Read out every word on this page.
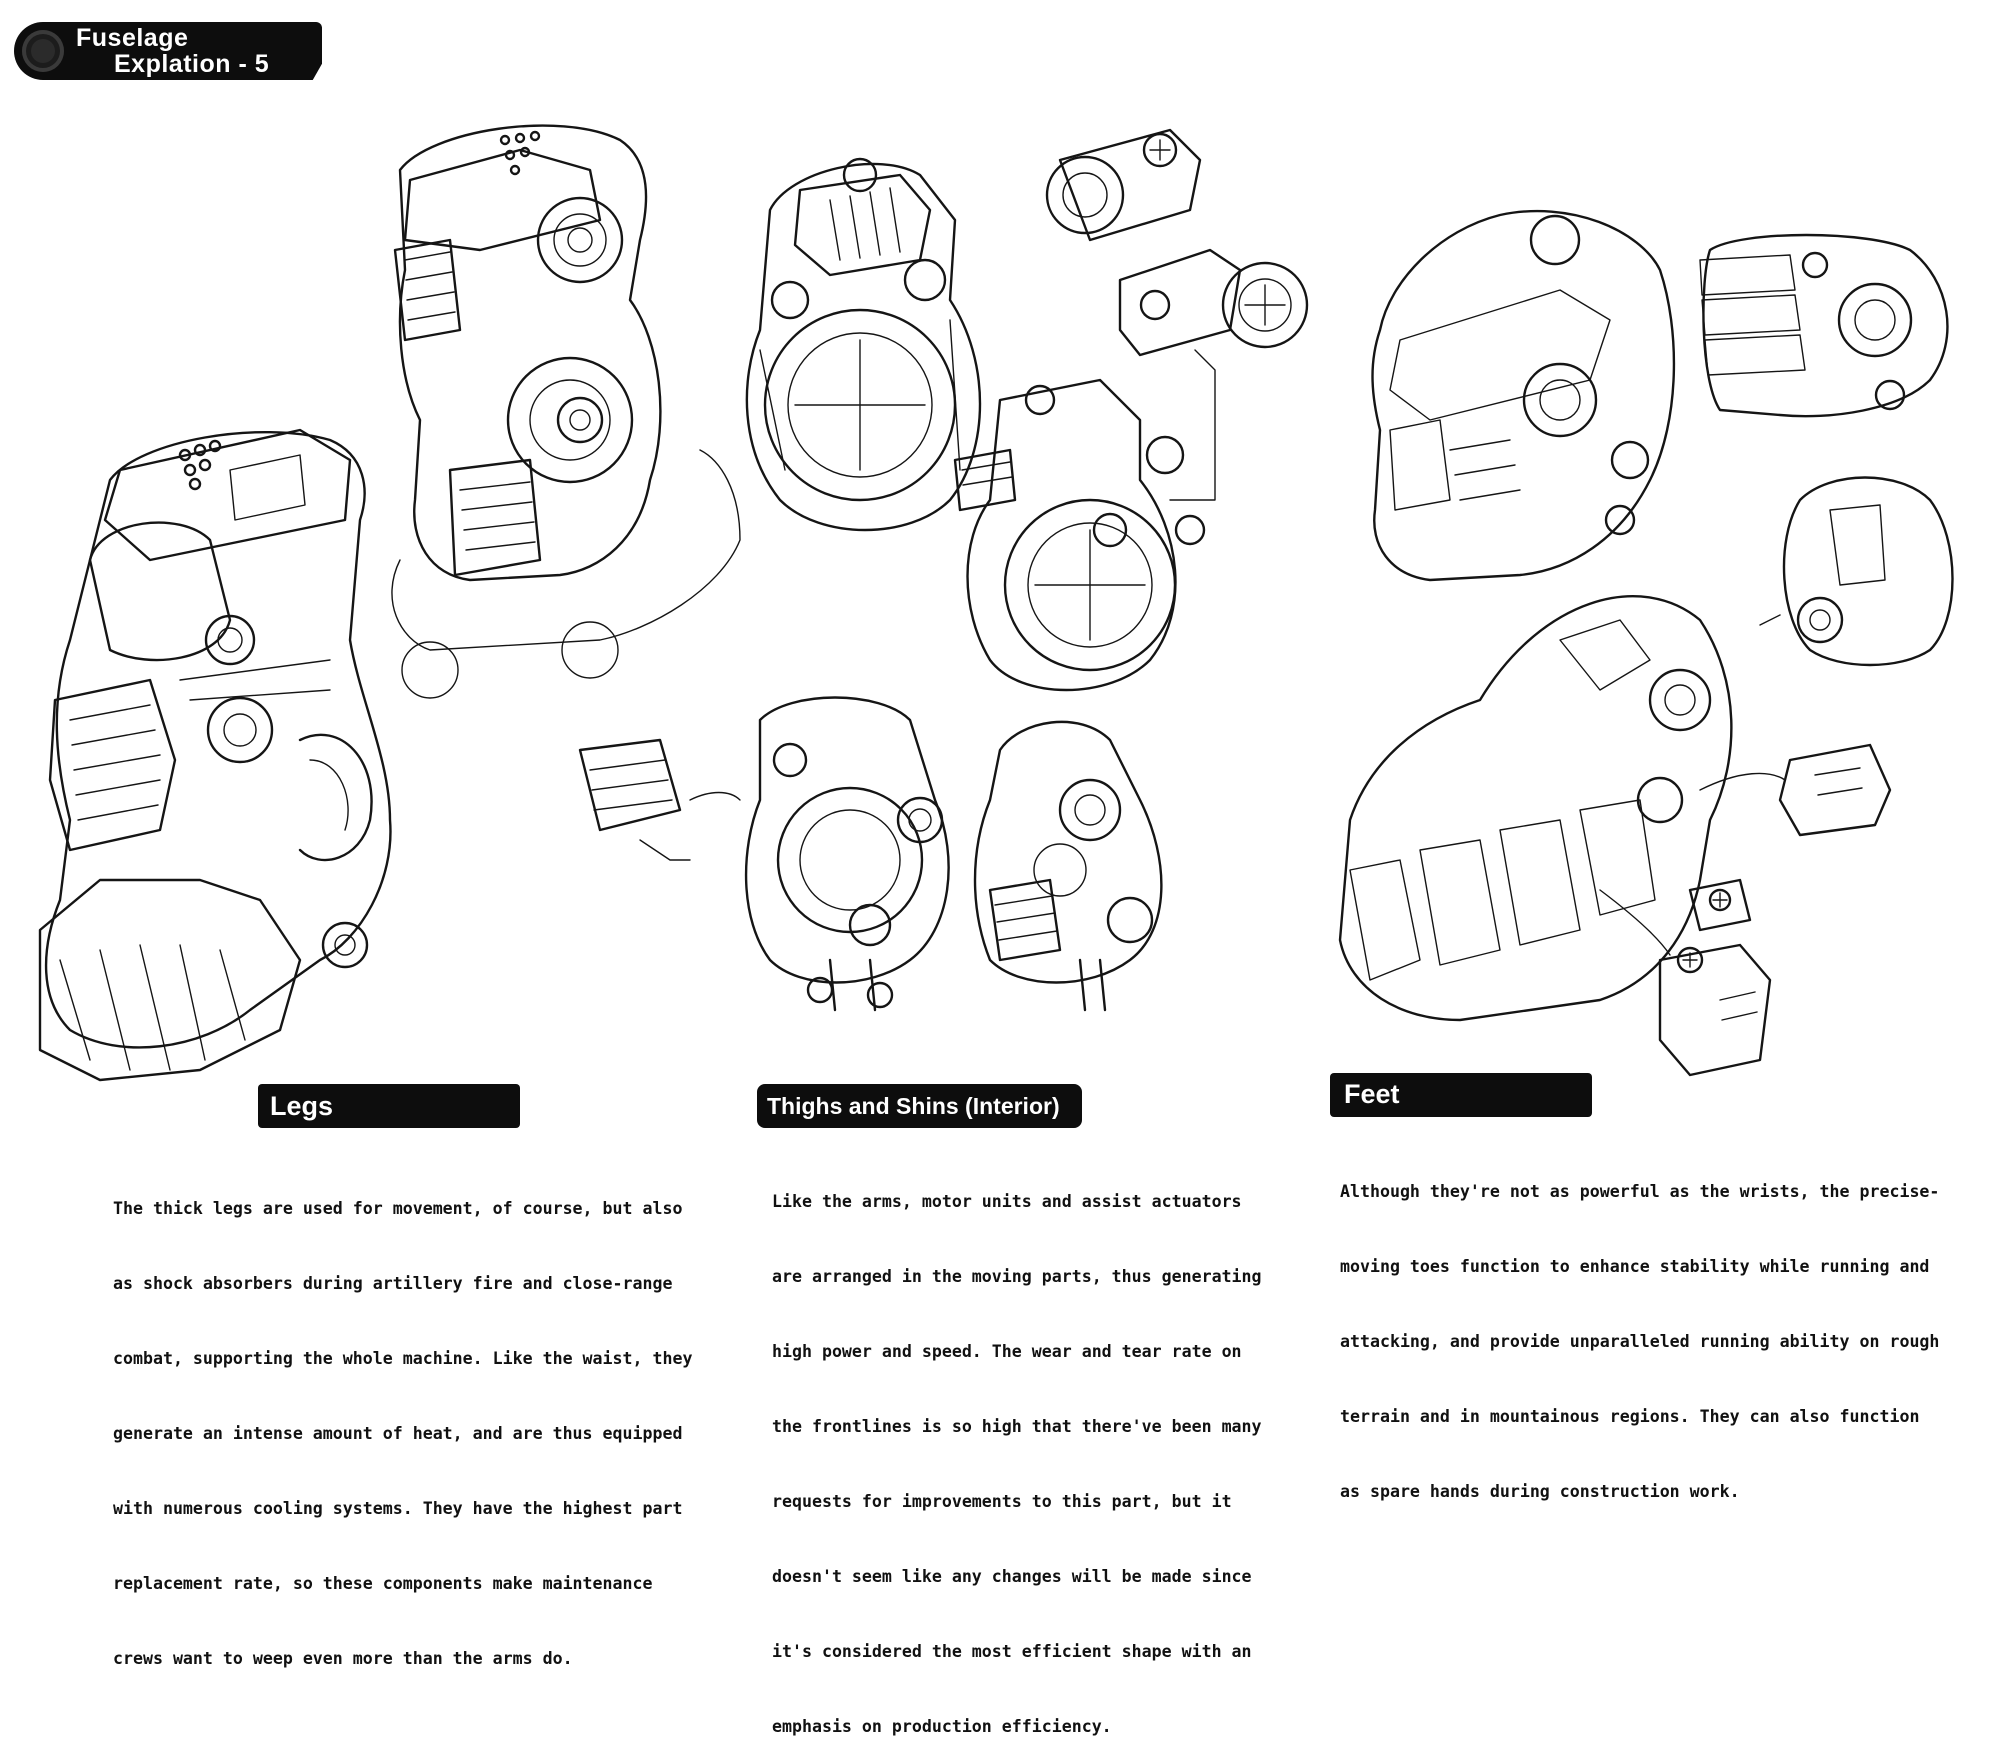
Fuselage
Explation - 5
Legs	Thighs and Shins (Interior)	Feet

The thick legs are used for movement, of course, but also

as shock absorbers during artillery fire and close-range

combat, supporting the whole machine. Like the waist, they

generate an intense amount of heat, and are thus equipped

with numerous cooling systems. They have the highest part

replacement rate, so these components make maintenance

crews want to weep even more than the arms do.

Like the arms, motor units and assist actuators

are arranged in the moving parts, thus generating

high power and speed. The wear and tear rate on

the frontlines is so high that there've been many

requests for improvements to this part, but it

doesn't seem like any changes will be made since

it's considered the most efficient shape with an

emphasis on production efficiency.

Although they're not as powerful as the wrists, the precise-

moving toes function to enhance stability while running and

attacking, and provide unparalleled running ability on rough

terrain and in mountainous regions. They can also function

as spare hands during construction work.
